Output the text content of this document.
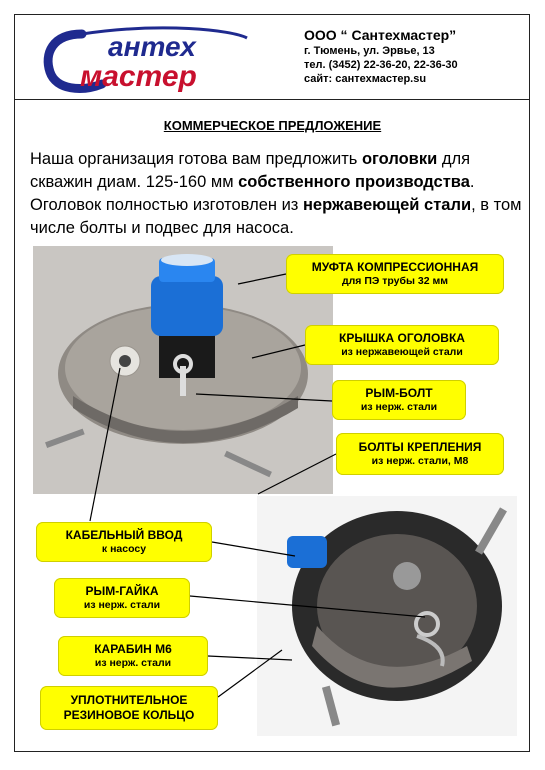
антех
мастер
ООО “ Сантехмастер”
г. Тюмень, ул. Эрвье, 13
тел. (3452) 22-36-20, 22-36-30
сайт: сантехмастер.su
КОММЕРЧЕСКОЕ ПРЕДЛОЖЕНИЕ
Наша организация готова вам предложить оголовки для скважин диам. 125-160 мм собственного производства. Оголовок полностью изготовлен из нержавеющей стали, в том числе болты и подвес для насоса.
МУФТА КОМПРЕССИОННАЯ
для ПЭ трубы 32 мм
КРЫШКА ОГОЛОВКА
из нержавеющей стали
РЫМ-БОЛТ
из нерж. стали
БОЛТЫ КРЕПЛЕНИЯ
из нерж. стали, М8
КАБЕЛЬНЫЙ ВВОД
к насосу
РЫМ-ГАЙКА
из нерж. стали
КАРАБИН М6
из нерж. стали
УПЛОТНИТЕЛЬНОЕ
РЕЗИНОВОЕ КОЛЬЦО
